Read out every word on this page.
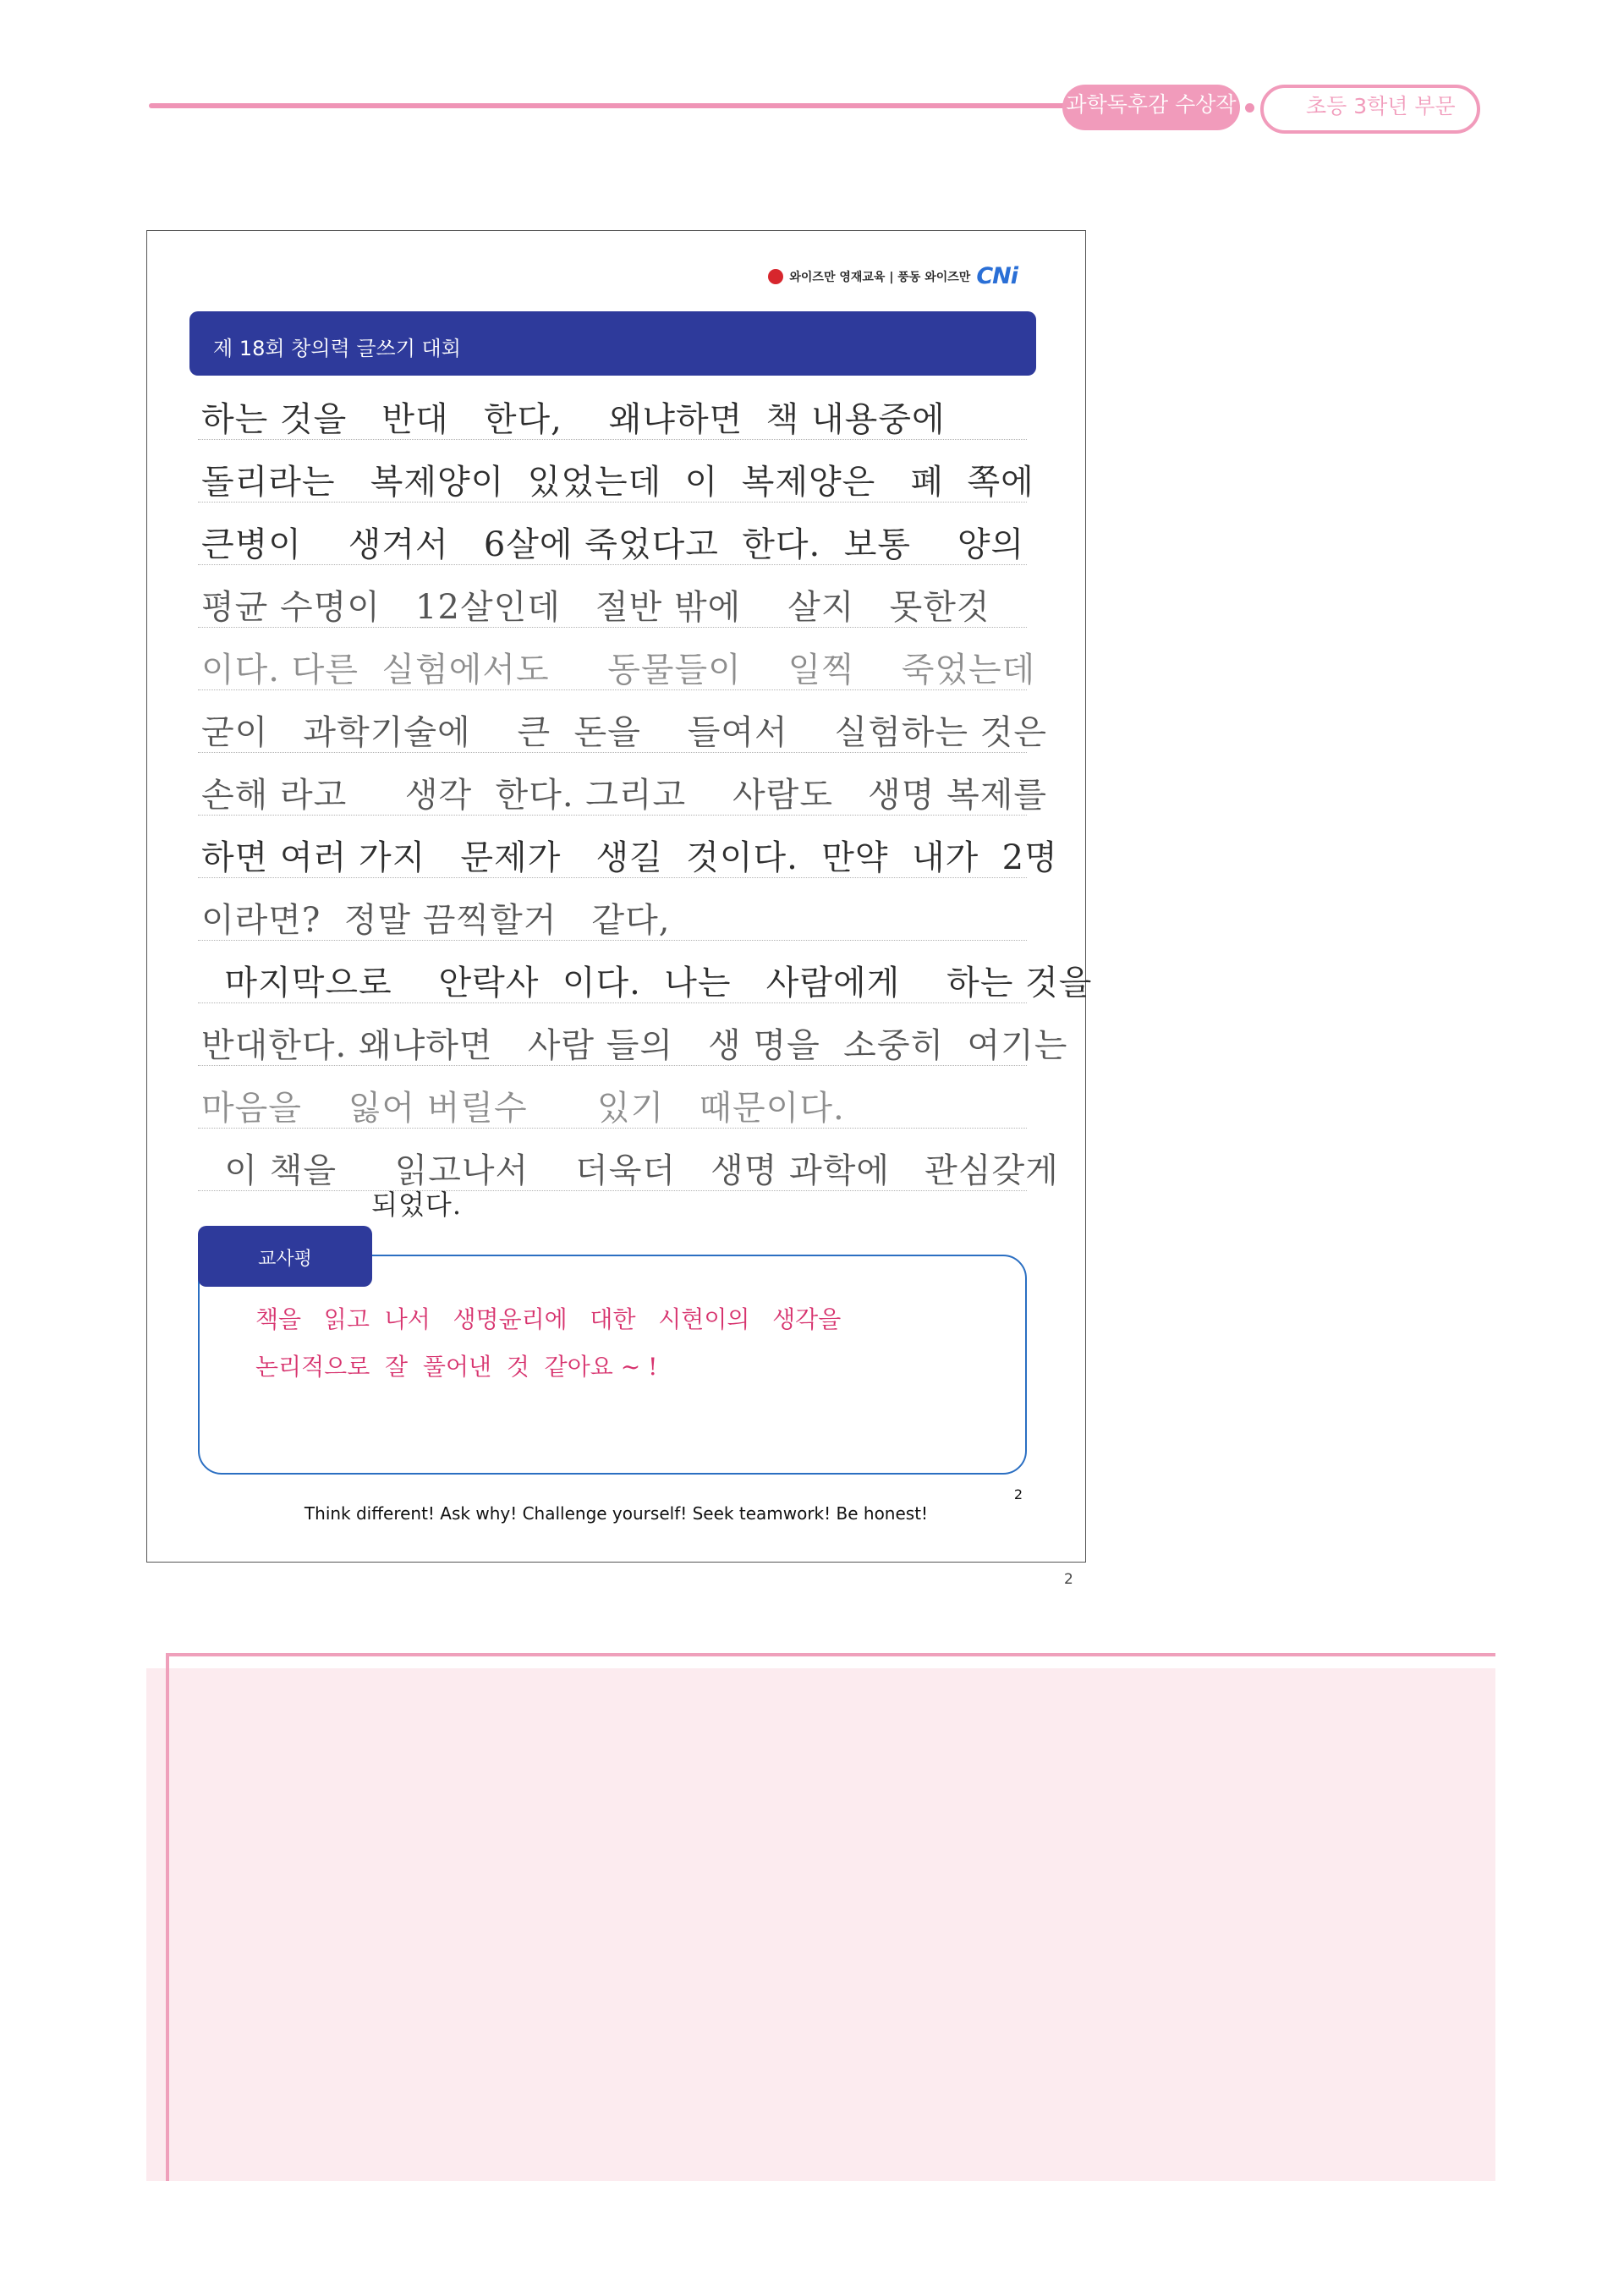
과학독후감 수상작	초등 3학년 부문
와이즈만 영재교육 | 풍동 와이즈만 CNi
제 18회 창의력 글쓰기 대회
하는 것을   반대   한다,    왜냐하면  책 내용중에
돌리라는   복제양이  있었는데  이  복제양은   폐  쪽에
큰병이    생겨서   6살에 죽었다고  한다.  보통    양의
평균 수명이   12살인데   절반 밖에    살지   못한것
이다. 다른  실험에서도     동물들이    일찍    죽었는데
굳이   과학기술에    큰  돈을    들여서    실험하는 것은
손해 라고     생각  한다. 그리고    사람도   생명 복제를
하면 여러 가지   문제가   생길  것이다.  만약  내가  2명
이라면?  정말 끔찍할거   같다,
마지막으로    안락사  이다.  나는   사람에게    하는 것을
반대한다. 왜냐하면   사람 들의   생 명을  소중히  여기는
마음을    잃어 버릴수      있기   때문이다.
이 책을     읽고나서    더욱더   생명 과학에   관심갖게
되었다.
교사평
책을   읽고  나서   생명윤리에   대한   시현이의   생각을
논리적으로  잘  풀어낸  것  같아요 ~ !
2
Think different! Ask why! Challenge yourself! Seek teamwork! Be honest!
2
